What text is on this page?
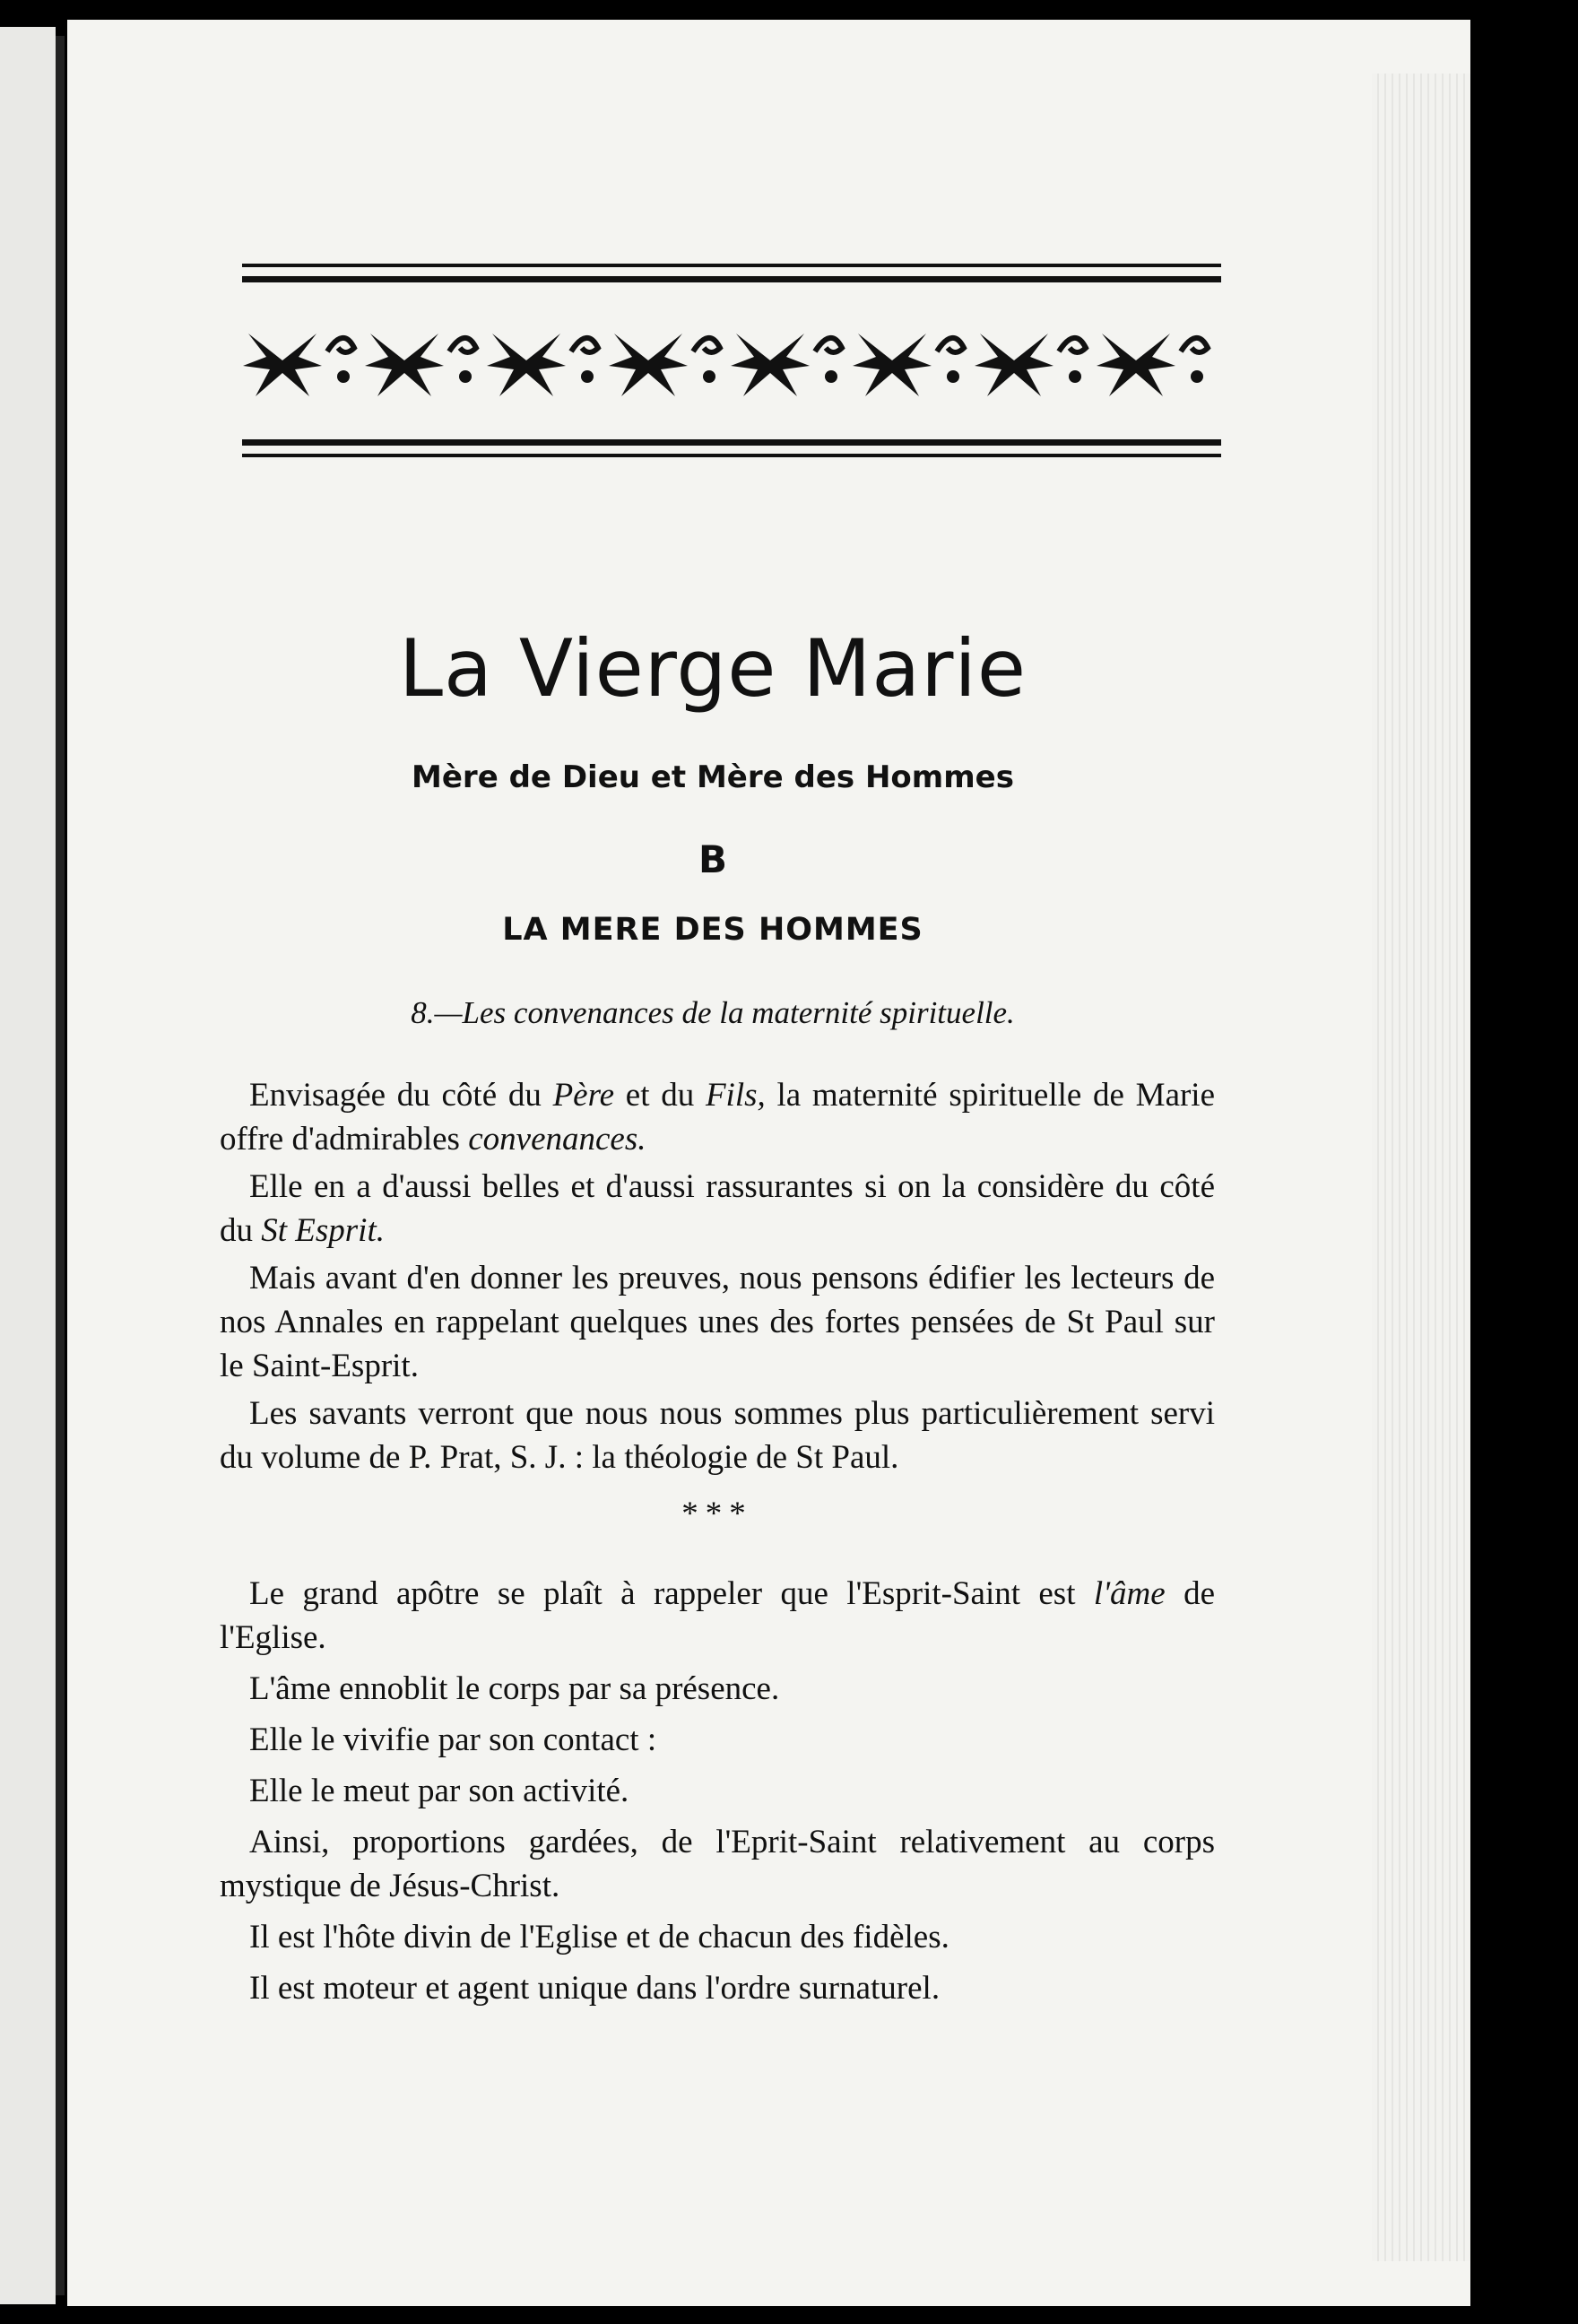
La Vierge Marie
Mère de Dieu et Mère des Hommes
B
LA MERE DES HOMMES
8.—Les convenances de la maternité spirituelle.

Envisagée du côté du Père et du Fils, la maternité spirituelle de Marie offre d'admirables convenances.

Elle en a d'aussi belles et d'aussi rassurantes si on la considère du côté du St Esprit.

Mais avant d'en donner les preuves, nous pensons édifier les lecteurs de nos Annales en rappelant quelques unes des fortes pensées de St Paul sur le Saint-Esprit.

Les savants verront que nous nous sommes plus particulièrement servi du volume de P. Prat, S. J. : la théologie de St Paul.

***

Le grand apôtre se plaît à rappeler que l'Esprit-Saint est l'âme de l'Eglise.

L'âme ennoblit le corps par sa présence.

Elle le vivifie par son contact :

Elle le meut par son activité.

Ainsi, proportions gardées, de l'Eprit-Saint relativement au corps mystique de Jésus-Christ.

Il est l'hôte divin de l'Eglise et de chacun des fidèles.

Il est moteur et agent unique dans l'ordre surnaturel.
